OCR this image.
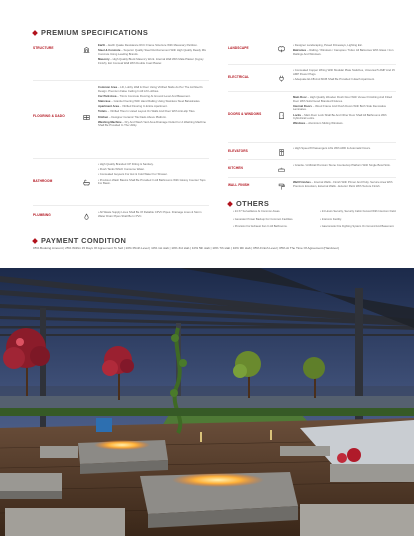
PREMIUM SPECIFICATIONS
STRUCTURE

Earth – Earth Quake Resistance RCC Frame Structure With Masonary Partition.

Steel & Concrete – Superior Quality Steel Reinforcement With High Quality Ready Mix Concrete Using Leading Brands.

Masonry – High Quality Block Masonry Work. Internal Wall With Mala Plaster (Gypsy Finish), Ext Conceal Wall With Double Coat Plaster.

FLOORING & DADO

Common Area – Lift, Lobby Wall & Floor Using Vitrified Slabs As Per The Architect's Design. Premium False Ceiling In All Lift Lobbies.

Car Park Area – Trimix Concrete Flooring At Ground Level And Basement.

Staircase – Granite Flooring With Hand Railing Using Stainless Steel Balustrades.

Apartment Area – Vitrified Flooring In Entire Apartment.

Toilets – Vitrified Tiles In Listed Layout On Walls And Floor With Anti-slip Tiles.

Kitchen – Designer Ceramic Tile Dado Above Platform.

Washing Machine – Dry And Wash Yard Area Drainage Outlet For A Washing Machine Shall Be Provided In The Utility.

BATHROOM

• High Quality Branded CP Fitting & Sanitary.

• Flush Tanks Which Consume Water.

• Concealed Geysers For Hot & Cold Water For Shower.

• Provision Wash Basins Shall Be Provided In All Bathrooms With Glossy Counter Tops For Basin.

PLUMBING

• All Waste Supply Lines Shall Be Of Reliable CPVC Pipes. Drainage Lines & Storm Water Drain Pipes Shall Be In PVC.

LANDSCAPE

• Designer Landscaping, Paved Driveways, Lighting Etc.

Balconies – Railing / Windows / Canopies / Toilet. All Balconies With Glass / Iron Railings And Windows.

ELECTRICAL

• Concealed Copper Wiring With Modular Plate Switches, Universal 5 AMP And 15 AMP Power Plugs.

• Adequate ELCB And MCB Shall Be Provided In Each Apartment.

DOORS & WINDOWS

Main Door – High Quality Wooden Flush Door With Veneer Finishing And Fitted Door With Solid Good Branded Fixtures.

Internal Doors – Wood Frame And Flush Doors With Both Side Decorative Laminates.

Locks – Main Door Lock Shall Be And Other Door Shall All Bathrooms With Cylindrical Locks.

Windows – Aluminium Sliding Windows.

ELEVATORS

• High Speed 8 Passengers Lifts With ARD & Automatic Doors.

KITCHEN

• Granite / Artificial Premium Stone Countertop Platform With Single Bowl Sink.

WALL FINISH

Wall Finishes – Internal Walls - Finish With Primer And Putty. Service Area With Premium Emulsion, External Walls - Exterior Paint With Texture Finish.

OTHERS
• 24 X7 Surveillance At Common Areas.	• 24 Hours Security, Security Cabin Fenced With Intercom Field.
• Generator Power Backup For Common Facilities.	• Intercom Facility.
• Provision For Exhaust Fan In All Bathrooms.	• Gasconsole Fire Fighting System On Ground And Basement.
PAYMENT CONDITION
05% Booking Amount | 25% Within 15 Days Of Agreement To Sell | 10% Plinth Level | 10% 1st slab | 10% 3rd slab | 10% 5th slab | 10% 7th slab | 10% 9th slab | 05% Finish Level | 05% At The Time Of Agreement (Handover)
